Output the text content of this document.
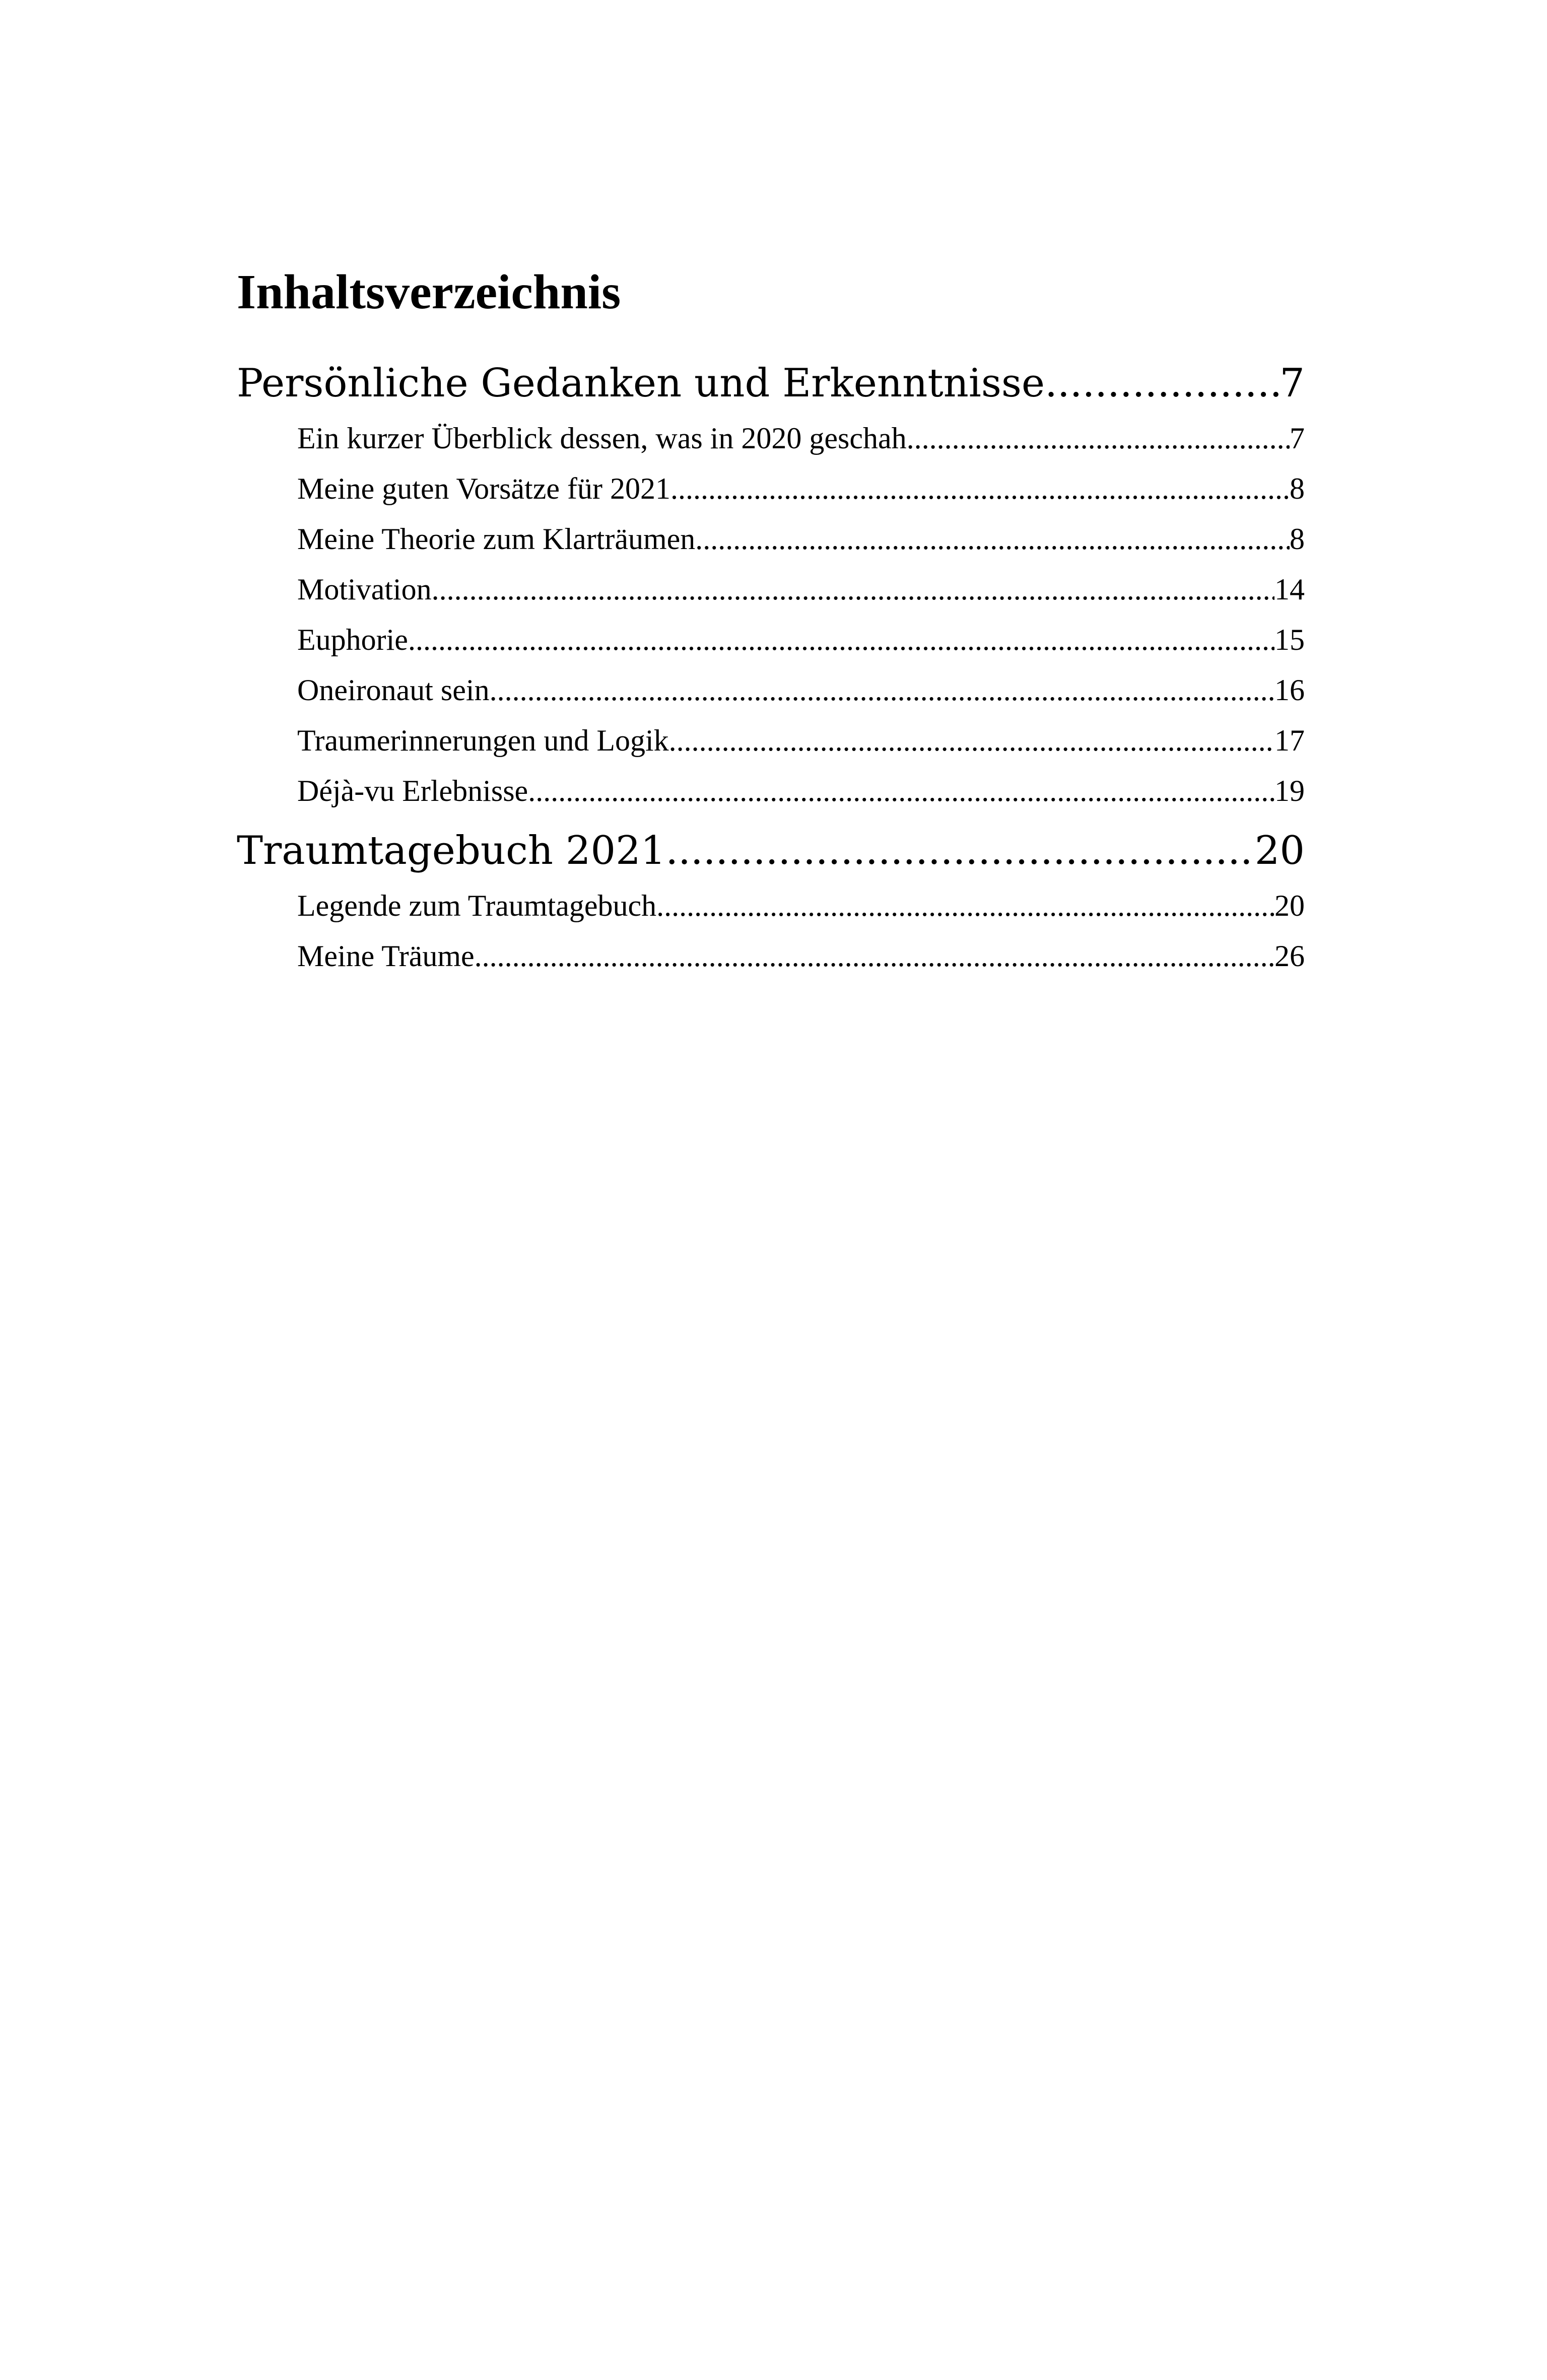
Inhaltsverzeichnis
Persönliche Gedanken und Erkenntnisse .....	7
Ein kurzer Überblick dessen, was in 2020 geschah .....	7
Meine guten Vorsätze für 2021 .....	8
Meine Theorie zum Klarträumen .....	8
Motivation .....	14
Euphorie .....	15
Oneironaut sein .....	16
Traumerinnerungen und Logik .....	17
Déjà-vu Erlebnisse .....	19
Traumtagebuch 2021 .....	20
Legende zum Traumtagebuch .....	20
Meine Träume .....	26
